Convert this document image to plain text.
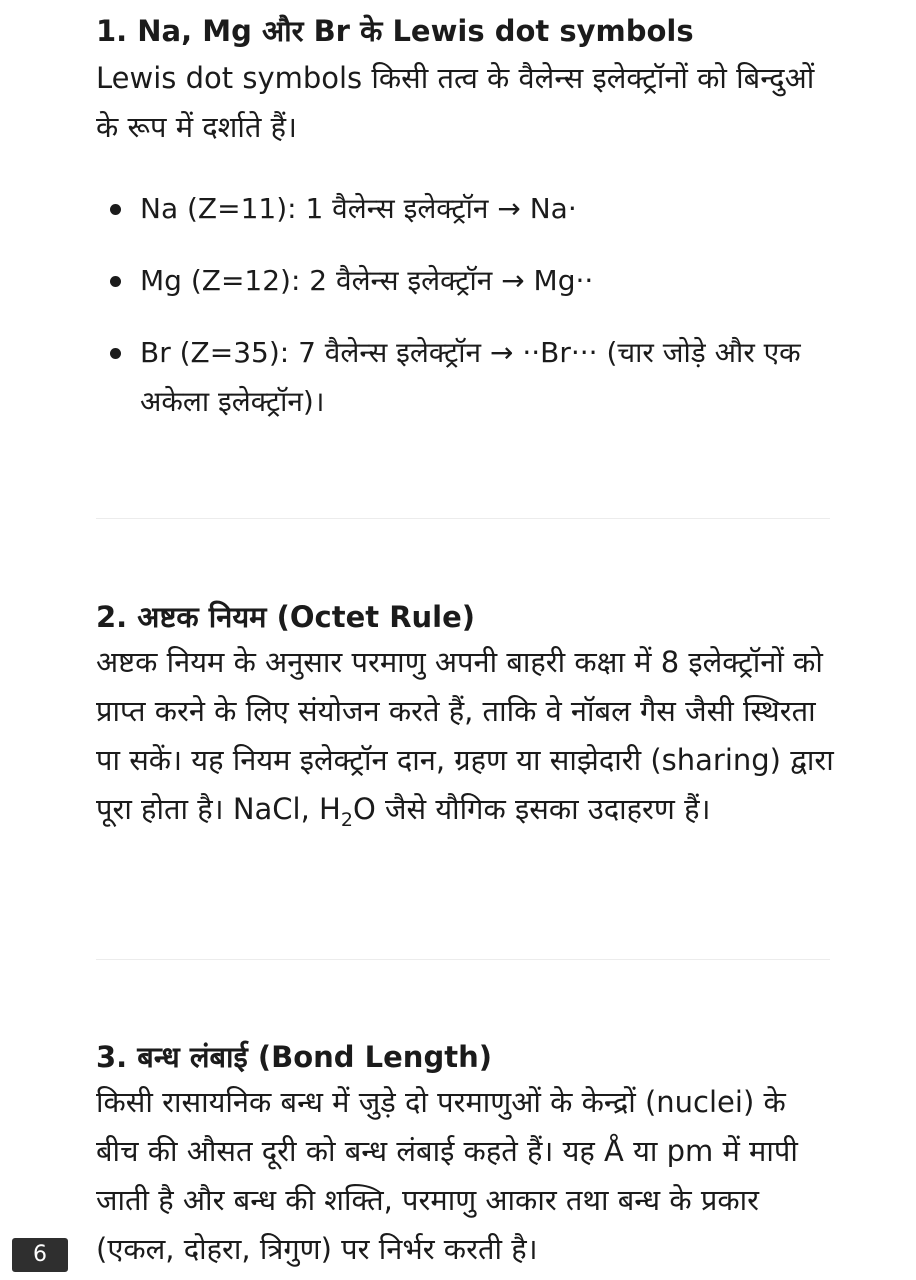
1. Na, Mg और Br के Lewis dot symbols

Lewis dot symbols किसी तत्व के वैलेन्स इलेक्ट्रॉनों को बिन्दुओं के रूप में दर्शाते हैं।

Na (Z=11): 1 वैलेन्स इलेक्ट्रॉन → Na·
Mg (Z=12): 2 वैलेन्स इलेक्ट्रॉन → Mg··
Br (Z=35): 7 वैलेन्स इलेक्ट्रॉन → ··Br··· (चार जोड़े और एक अकेला इलेक्ट्रॉन)।
2. अष्टक नियम (Octet Rule)

अष्टक नियम के अनुसार परमाणु अपनी बाहरी कक्षा में 8 इलेक्ट्रॉनों को प्राप्त करने के लिए संयोजन करते हैं, ताकि वे नॉबल गैस जैसी स्थिरता पा सकें। यह नियम इलेक्ट्रॉन दान, ग्रहण या साझेदारी (sharing) द्वारा पूरा होता है। NaCl, $H_2O$ जैसे यौगिक इसका उदाहरण हैं।

3. बन्ध लंबाई (Bond Length)

किसी रासायनिक बन्ध में जुड़े दो परमाणुओं के केन्द्रों (nuclei) के बीच की औसत दूरी को बन्ध लंबाई कहते हैं। यह Å या pm में मापी जाती है और बन्ध की शक्ति, परमाणु आकार तथा बन्ध के प्रकार (एकल, दोहरा, त्रिगुण) पर निर्भर करती है।

6
